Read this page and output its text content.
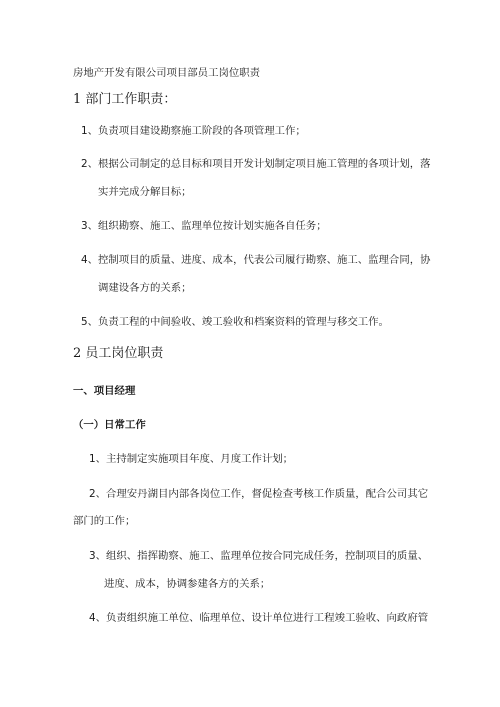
房地产开发有限公司项目部员工岗位职责
1 部门工作职责：
1、负责项目建设勘察施工阶段的各项管理工作；
2、根据公司制定的总目标和项目开发计划制定项目施工管理的各项计划，落
实并完成分解目标；
3、组织勘察、施工、监理单位按计划实施各自任务；
4、控制项目的质量、进度、成本，代表公司履行勘察、施工、监理合同，协
调建设各方的关系；
5、负责工程的中间验收、竣工验收和档案资料的管理与移交工作。
2 员工岗位职责
一、项目经理
（一）日常工作
1、主持制定实施项目年度、月度工作计划；
2、合理安丹湖目内部各岗位工作，督促检查考核工作质量，配合公司其它
部门的工作；
3、组织、指挥勘察、施工、监理单位按合同完成任务，控制项目的质量、
进度、成本，协调参建各方的关系；
4、负责组织施工单位、临理单位、设计单位进行工程竣工验收、向政府管
